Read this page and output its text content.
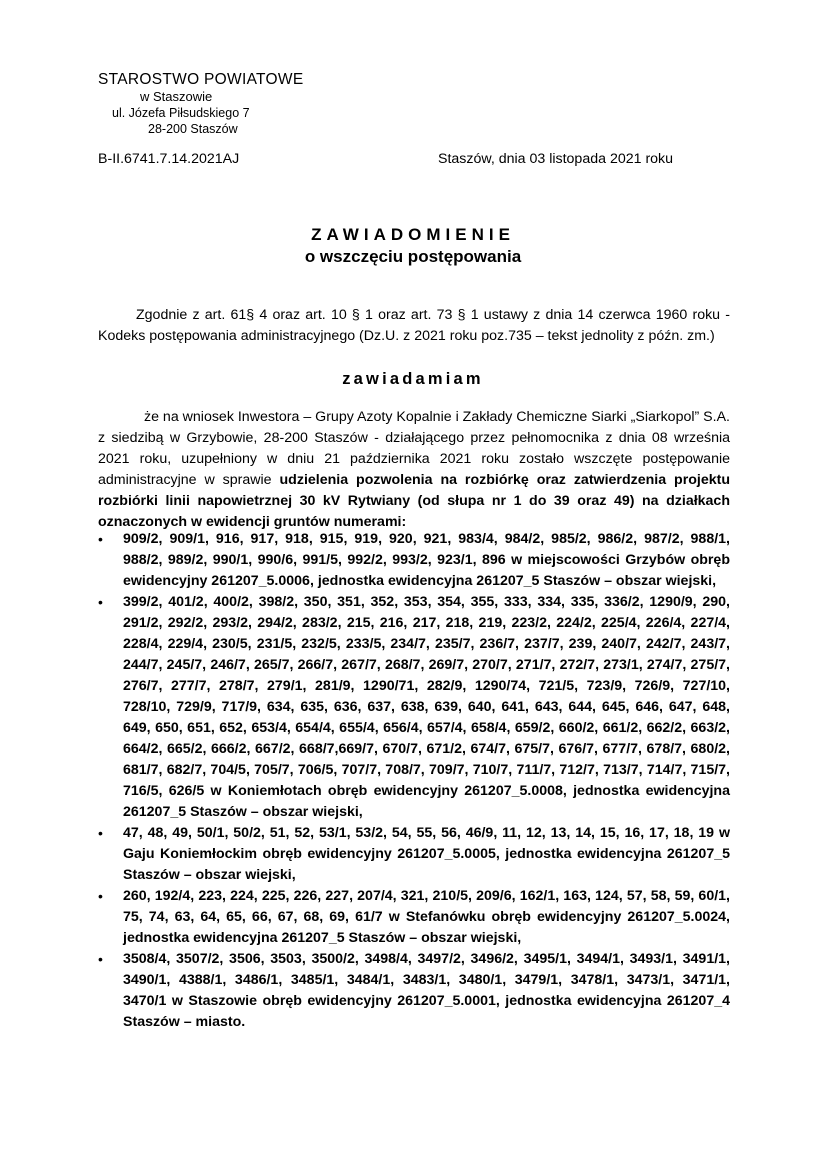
STAROSTWO POWIATOWE
w Staszowie
ul. Józefa Piłsudskiego 7
28-200 Staszów
B-II.6741.7.14.2021AJ	Staszów, dnia 03 listopada 2021 roku
ZAWIADOMIENIE
o wszczęciu postępowania
Zgodnie z art. 61§ 4 oraz art. 10 § 1 oraz art. 73 § 1 ustawy z dnia 14 czerwca 1960 roku - Kodeks postępowania administracyjnego (Dz.U. z 2021 roku poz.735 – tekst jednolity z późn. zm.)
zawiadamiam
że na wniosek Inwestora – Grupy Azoty Kopalnie i Zakłady Chemiczne Siarki „Siarkopol” S.A. z siedzibą w Grzybowie, 28-200 Staszów - działającego przez pełnomocnika z dnia 08 września 2021 roku, uzupełniony w dniu 21 października 2021 roku zostało wszczęte postępowanie administracyjne w sprawie udzielenia pozwolenia na rozbiórkę oraz zatwierdzenia projektu rozbiórki linii napowietrznej 30 kV Rytwiany (od słupa nr 1 do 39 oraz 49) na działkach oznaczonych w ewidencji gruntów numerami:
• 909/2, 909/1, 916, 917, 918, 915, 919, 920, 921, 983/4, 984/2, 985/2, 986/2, 987/2, 988/1, 988/2, 989/2, 990/1, 990/6, 991/5, 992/2, 993/2, 923/1, 896 w miejscowości Grzybów obręb ewidencyjny 261207_5.0006, jednostka ewidencyjna 261207_5 Staszów – obszar wiejski,
• 399/2, 401/2, 400/2, 398/2, 350, 351, 352, 353, 354, 355, 333, 334, 335, 336/2, 1290/9, 290, 291/2, 292/2, 293/2, 294/2, 283/2, 215, 216, 217, 218, 219, 223/2, 224/2, 225/4, 226/4, 227/4, 228/4, 229/4, 230/5, 231/5, 232/5, 233/5, 234/7, 235/7, 236/7, 237/7, 239, 240/7, 242/7, 243/7, 244/7, 245/7, 246/7, 265/7, 266/7, 267/7, 268/7, 269/7, 270/7, 271/7, 272/7, 273/1, 274/7, 275/7, 276/7, 277/7, 278/7, 279/1, 281/9, 1290/71, 282/9, 1290/74, 721/5, 723/9, 726/9, 727/10, 728/10, 729/9, 717/9, 634, 635, 636, 637, 638, 639, 640, 641, 643, 644, 645, 646, 647, 648, 649, 650, 651, 652, 653/4, 654/4, 655/4, 656/4, 657/4, 658/4, 659/2, 660/2, 661/2, 662/2, 663/2, 664/2, 665/2, 666/2, 667/2, 668/7,669/7, 670/7, 671/2, 674/7, 675/7, 676/7, 677/7, 678/7, 680/2, 681/7, 682/7, 704/5, 705/7, 706/5, 707/7, 708/7, 709/7, 710/7, 711/7, 712/7, 713/7, 714/7, 715/7, 716/5, 626/5 w Koniemłotach obręb ewidencyjny 261207_5.0008, jednostka ewidencyjna 261207_5 Staszów – obszar wiejski,
• 47, 48, 49, 50/1, 50/2, 51, 52, 53/1, 53/2, 54, 55, 56, 46/9, 11, 12, 13, 14, 15, 16, 17, 18, 19 w Gaju Koniemłockim obręb ewidencyjny 261207_5.0005, jednostka ewidencyjna 261207_5 Staszów – obszar wiejski,
• 260, 192/4, 223, 224, 225, 226, 227, 207/4, 321, 210/5, 209/6, 162/1, 163, 124, 57, 58, 59, 60/1, 75, 74, 63, 64, 65, 66, 67, 68, 69, 61/7 w Stefanówku obręb ewidencyjny 261207_5.0024, jednostka ewidencyjna 261207_5 Staszów – obszar wiejski,
• 3508/4, 3507/2, 3506, 3503, 3500/2, 3498/4, 3497/2, 3496/2, 3495/1, 3494/1, 3493/1, 3491/1, 3490/1, 4388/1, 3486/1, 3485/1, 3484/1, 3483/1, 3480/1, 3479/1, 3478/1, 3473/1, 3471/1, 3470/1 w Staszowie obręb ewidencyjny 261207_5.0001, jednostka ewidencyjna 261207_4 Staszów – miasto.
